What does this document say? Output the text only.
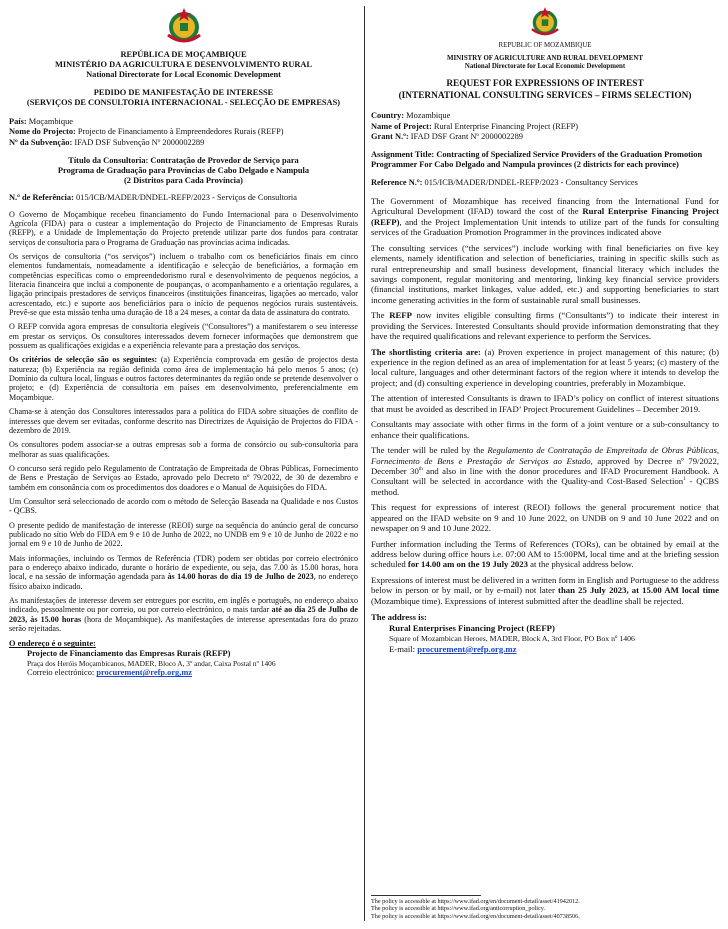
REPÚBLICA DE MOÇAMBIQUE
MINISTÉRIO DA AGRICULTURA E DESENVOLVIMENTO RURAL
National Directorate for Local Economic Development
PEDIDO DE MANIFESTAÇÃO DE INTERESSE
(SERVIÇOS DE CONSULTORIA INTERNACIONAL - SELECÇÃO DE EMPRESAS)
País: Moçambique
Nome do Projecto: Projecto de Financiamento à Empreendedores Rurais (REFP)
Nº da Subvenção: IFAD DSF Subvenção Nº 2000002289
Título da Consultoria: Contratação de Provedor de Serviço para
Programa de Graduação para Províncias de Cabo Delgado e Nampula
(2 Distritos para Cada Província)
N.º de Referência: 015/ICB/MADER/DNDEL-REFP/2023 - Serviços de Consultoria

O Governo de Moçambique recebeu financiamento do Fundo Internacional para o Desenvolvimento Agrícola (FIDA) para o custear a implementação do Projecto de Financiamento de Empresas Rurais (REFP), e a Unidade de Implementação do Projecto pretende utilizar parte dos fundos para contratar serviços de consultoria para o Programa de Graduação nas províncias acima indicadas.

Os serviços de consultoria (“os serviços”) incluem o trabalho com os beneficiários finais em cinco elementos fundamentais, nomeadamente a identificação e selecção de beneficiários, a formação em competências específicas como o empreendedorismo rural e desenvolvimento de pequenos negócios, a literacia financeira que inclui a componente de poupanças, o acompanhamento e a orientação regulares, a ligação principais prestadores de serviços financeiros (instituições financeiras, ligações ao mercado, valor acrescentado, etc.) e suporte aos beneficiários para o início de pequenos negócios rurais sustentáveis. Prevê-se que esta missão tenha uma duração de 18 a 24 meses, a contar da data de assinatura do contrato.

O REFP convida agora empresas de consultoria elegíveis (“Consultores”) a manifestarem o seu interesse em prestar os serviços. Os consultores interessados devem fornecer informações que demonstrem que possuem as qualificações exigidas e a experiência relevante para a prestação dos serviços.

Os critérios de selecção são os seguintes: (a) Experiência comprovada em gestão de projectos desta natureza; (b) Experiência na região definida como área de implementação há pelo menos 5 anos; (c) Domínio da cultura local, línguas e outros factores determinantes da região onde se pretende desenvolver o projeto; e (d) Experiência de consultoria em países em desenvolvimento, preferencialmente em Moçambique.

Chama-se à atenção dos Consultores interessados para a política do FIDA sobre situações de conflito de interesses que devem ser evitadas, conforme descrito nas Directrizes de Aquisição de Projectos do FIDA - dezembro de 2019.

Os consultores podem associar-se a outras empresas sob a forma de consórcio ou sub-consultoria para melhorar as suas qualificações.

O concurso será regido pelo Regulamento de Contratação de Empreitada de Obras Públicas, Fornecimento de Bens e Prestação de Serviços ao Estado, aprovado pelo Decreto nº 79/2022, de 30 de dezembro e também em consonância com os procedimentos dos doadores e o Manual de Aquisições do FIDA.

Um Consultor será seleccionado de acordo com o método de Selecção Baseada na Qualidade e nos Custos - QCBS.

O presente pedido de manifestação de interesse (REOI) surge na sequência do anúncio geral de concurso publicado no sítio Web do FIDA em 9 e 10 de Junho de 2022, no UNDB em 9 e 10 de Junho de 2022 e no jornal em 9 e 10 de Junho de 2022.

Mais informações, incluindo os Termos de Referência (TDR) podem ser obtidas por correio electrónico para o endereço abaixo indicado, durante o horário de expediente, ou seja, das 7.00 às 15.00 horas, hora local, e na sessão de informação agendada para às 14.00 horas do dia 19 de Julho de 2023, no endereço físico abaixo indicado.

As manifestações de interesse devem ser entregues por escrito, em inglês e português, no endereço abaixo indicado, pessoalmente ou por correio, ou por correio electrónico, o mais tardar até ao dia 25 de Julho de 2023, às 15.00 horas (hora de Moçambique). As manifestações de interesse apresentadas fora do prazo serão rejeitadas.

O endereço é o seguinte:
Projecto de Financiamento das Empresas Rurais (REFP)
Praça dos Heróis Moçambicanos, MADER, Bloco A, 3º andar, Caixa Postal nº 1406
Correio electrónico: procurement@refp.org,mz
REPUBLIC OF MOZAMBIQUE
MINISTRY OF AGRICULTURE AND RURAL DEVELOPMENT
National Directorate for Local Economic Development
REQUEST FOR EXPRESSIONS OF INTEREST
(INTERNATIONAL CONSULTING SERVICES – FIRMS SELECTION)
Country: Mozambique
Name of Project: Rural Enterprise Financing Project (REFP)
Grant N.º: IFAD DSF Grant Nº 2000002289
Assignment Title: Contracting of Specialized Service Providers of the Graduation Promotion Programmer For Cabo Delgado and Nampula provinces (2 districts for each province)
Reference N.º: 015/ICB/MADER/DNDEL-REFP/2023 - Consultancy Services

The Government of Mozambique has received financing from the International Fund for Agricultural Development (IFAD) toward the cost of the Rural Enterprise Financing Project (REFP), and the Project Implementation Unit intends to utilize part of the funds for consulting services of the Graduation Promotion Programmer in the provinces indicated above

The consulting services (“the services”) include working with final beneficiaries on five key elements, namely identification and selection of beneficiaries, training in specific skills such as rural entrepreneurship and small business development, financial literacy which includes the savings component, regular monitoring and mentoring, linking key financial service providers (financial institutions, market linkages, value added, etc.) and supporting beneficiaries to start income generating activities in the form of sustainable rural small businesses.

The REFP now invites eligible consulting firms (“Consultants”) to indicate their interest in providing the Services. Interested Consultants should provide information demonstrating that they have the required qualifications and relevant experience to perform the Services.

The shortlisting criteria are: (a) Proven experience in project management of this nature; (b) experience in the region defined as an area of implementation for at least 5 years; (c) mastery of the local culture, languages and other determinant factors of the region where it intends to develop the project; and (d) consulting experience in developing countries, preferably in Mozambique.

The attention of interested Consultants is drawn to IFAD’s policy on conflict of interest situations that must be avoided as described in IFAD’ Project Procurement Guidelines – December 2019.

Consultants may associate with other firms in the form of a joint venture or a sub-consultancy to enhance their qualifications.

The tender will be ruled by the Regulamento de Contratação de Empreitada de Obras Públicas, Fornecimento de Bens e Prestação de Serviços ao Estado, approved by Decree nº 79/2022, December 30th and also in line with the donor procedures and IFAD Procurement Handbook. A Consultant will be selected in accordance with the Quality-and Cost-Based Selection$^1$ - QCBS method.

This request for expressions of interest (REOI) follows the general procurement notice that appeared on the IFAD website on 9 and 10 June 2022, on UNDB on 9 and 10 June 2022 and on newspaper on 9 and 10 June 2022.

Further information including the Terms of References (TORs), can be obtained by email at the address below during office hours i.e. 07:00 AM to 15:00PM, local time and at the briefing session scheduled for 14.00 am on the 19 July 2023 at the physical address below.

Expressions of interest must be delivered in a written form in English and Portuguese to the address below in person or by mail, or by e-mail) not later than 25 July 2023, at 15.00 AM local time (Mozambique time). Expressions of interest submitted after the deadline shall be rejected.

The address is:
Rural Enterprises Financing Project (REFP)
Square of Mozambican Heroes, MADER, Block A, 3rd Floor, PO Box nº 1406
E-mail: procurement@refp.org.mz
The policy is accessible at https://www.ifad.org/en/document-detail/asset/41942012.
The policy is accessible at https://www.ifad.org/anticorruption_policy.
The policy is accessible at https://www.ifad.org/en/document-detail/asset/40738506.
